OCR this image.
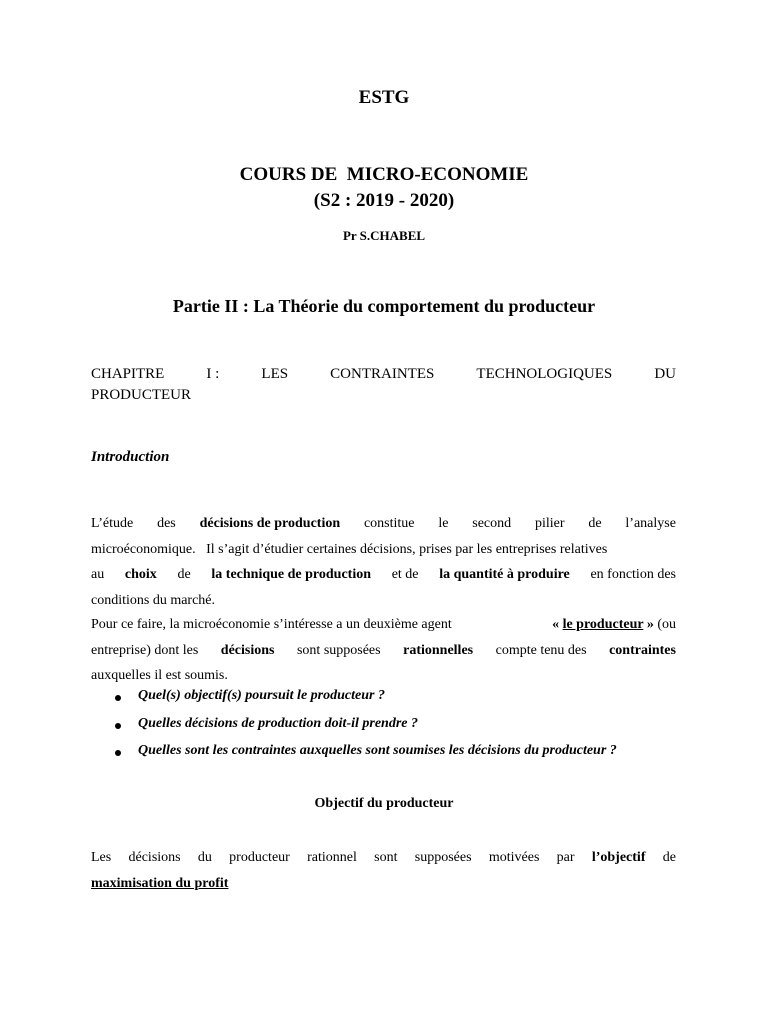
ESTG
COURS DE  MICRO-ECONOMIE
(S2 : 2019 - 2020)
Pr S.CHABEL
Partie II : La Théorie du comportement du producteur
CHAPITRE	I :	LES	CONTRAINTES	TECHNOLOGIQUES	DU
PRODUCTEUR
Introduction
L’étude des décisions de production constitue le second pilier de l’analyse
microéconomique.   Il s’agit d’étudier certaines décisions, prises par les entreprises relatives
au choix de la technique de production et de la quantité à produire en fonction des
conditions du marché.
Pour ce faire, la microéconomie s’intéresse a un deuxième agent	« le producteur » (ou
entreprise) dont les décisions sont supposées rationnelles compte tenu des contraintes
auxquelles il est soumis.
Quel(s) objectif(s) poursuit le producteur ?
Quelles décisions de production doit-il prendre ?
Quelles sont les contraintes auxquelles sont soumises les décisions du producteur ?
Objectif du producteur
Les décisions du producteur rationnel sont supposées motivées par l’objectif de
maximisation du profit
